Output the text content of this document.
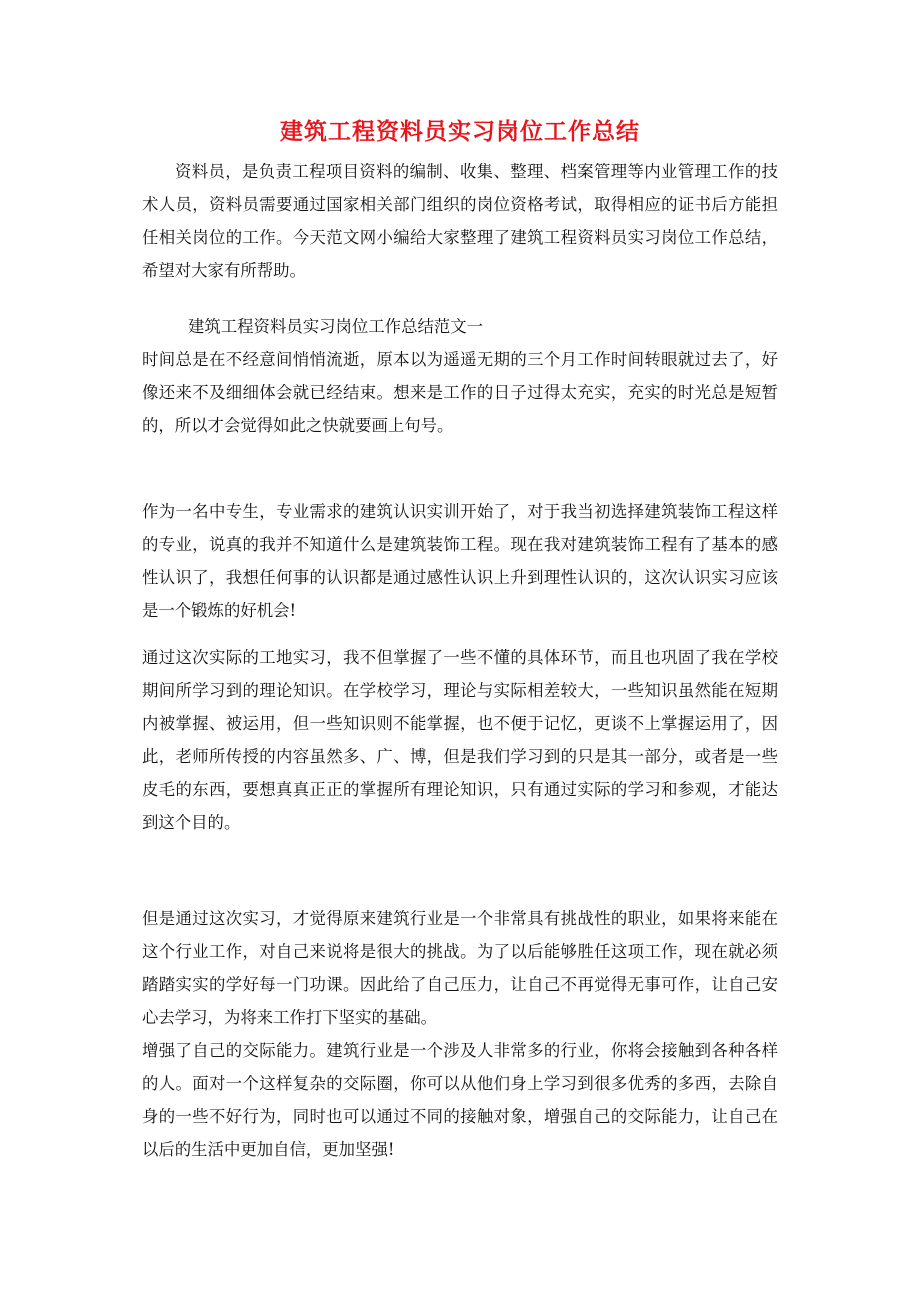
建筑工程资料员实习岗位工作总结

资料员，是负责工程项目资料的编制、收集、整理、档案管理等内业管理工作的技术人员，资料员需要通过国家相关部门组织的岗位资格考试，取得相应的证书后方能担任相关岗位的工作。今天范文网小编给大家整理了建筑工程资料员实习岗位工作总结，希望对大家有所帮助。

建筑工程资料员实习岗位工作总结范文一

时间总是在不经意间悄悄流逝，原本以为遥遥无期的三个月工作时间转眼就过去了，好像还来不及细细体会就已经结束。想来是工作的日子过得太充实，充实的时光总是短暂的，所以才会觉得如此之快就要画上句号。

作为一名中专生，专业需求的建筑认识实训开始了，对于我当初选择建筑装饰工程这样的专业，说真的我并不知道什么是建筑装饰工程。现在我对建筑装饰工程有了基本的感性认识了，我想任何事的认识都是通过感性认识上升到理性认识的，这次认识实习应该是一个锻炼的好机会!

通过这次实际的工地实习，我不但掌握了一些不懂的具体环节，而且也巩固了我在学校期间所学习到的理论知识。在学校学习，理论与实际相差较大，一些知识虽然能在短期内被掌握、被运用，但一些知识则不能掌握，也不便于记忆，更谈不上掌握运用了，因此，老师所传授的内容虽然多、广、博，但是我们学习到的只是其一部分，或者是一些皮毛的东西，要想真真正正的掌握所有理论知识，只有通过实际的学习和参观，才能达到这个目的。

但是通过这次实习，才觉得原来建筑行业是一个非常具有挑战性的职业，如果将来能在这个行业工作，对自己来说将是很大的挑战。为了以后能够胜任这项工作，现在就必须踏踏实实的学好每一门功课。因此给了自己压力，让自己不再觉得无事可作，让自己安心去学习，为将来工作打下坚实的基础。

增强了自己的交际能力。建筑行业是一个涉及人非常多的行业，你将会接触到各种各样的人。面对一个这样复杂的交际圈，你可以从他们身上学习到很多优秀的多西，去除自身的一些不好行为，同时也可以通过不同的接触对象，增强自己的交际能力，让自己在以后的生活中更加自信，更加坚强!
